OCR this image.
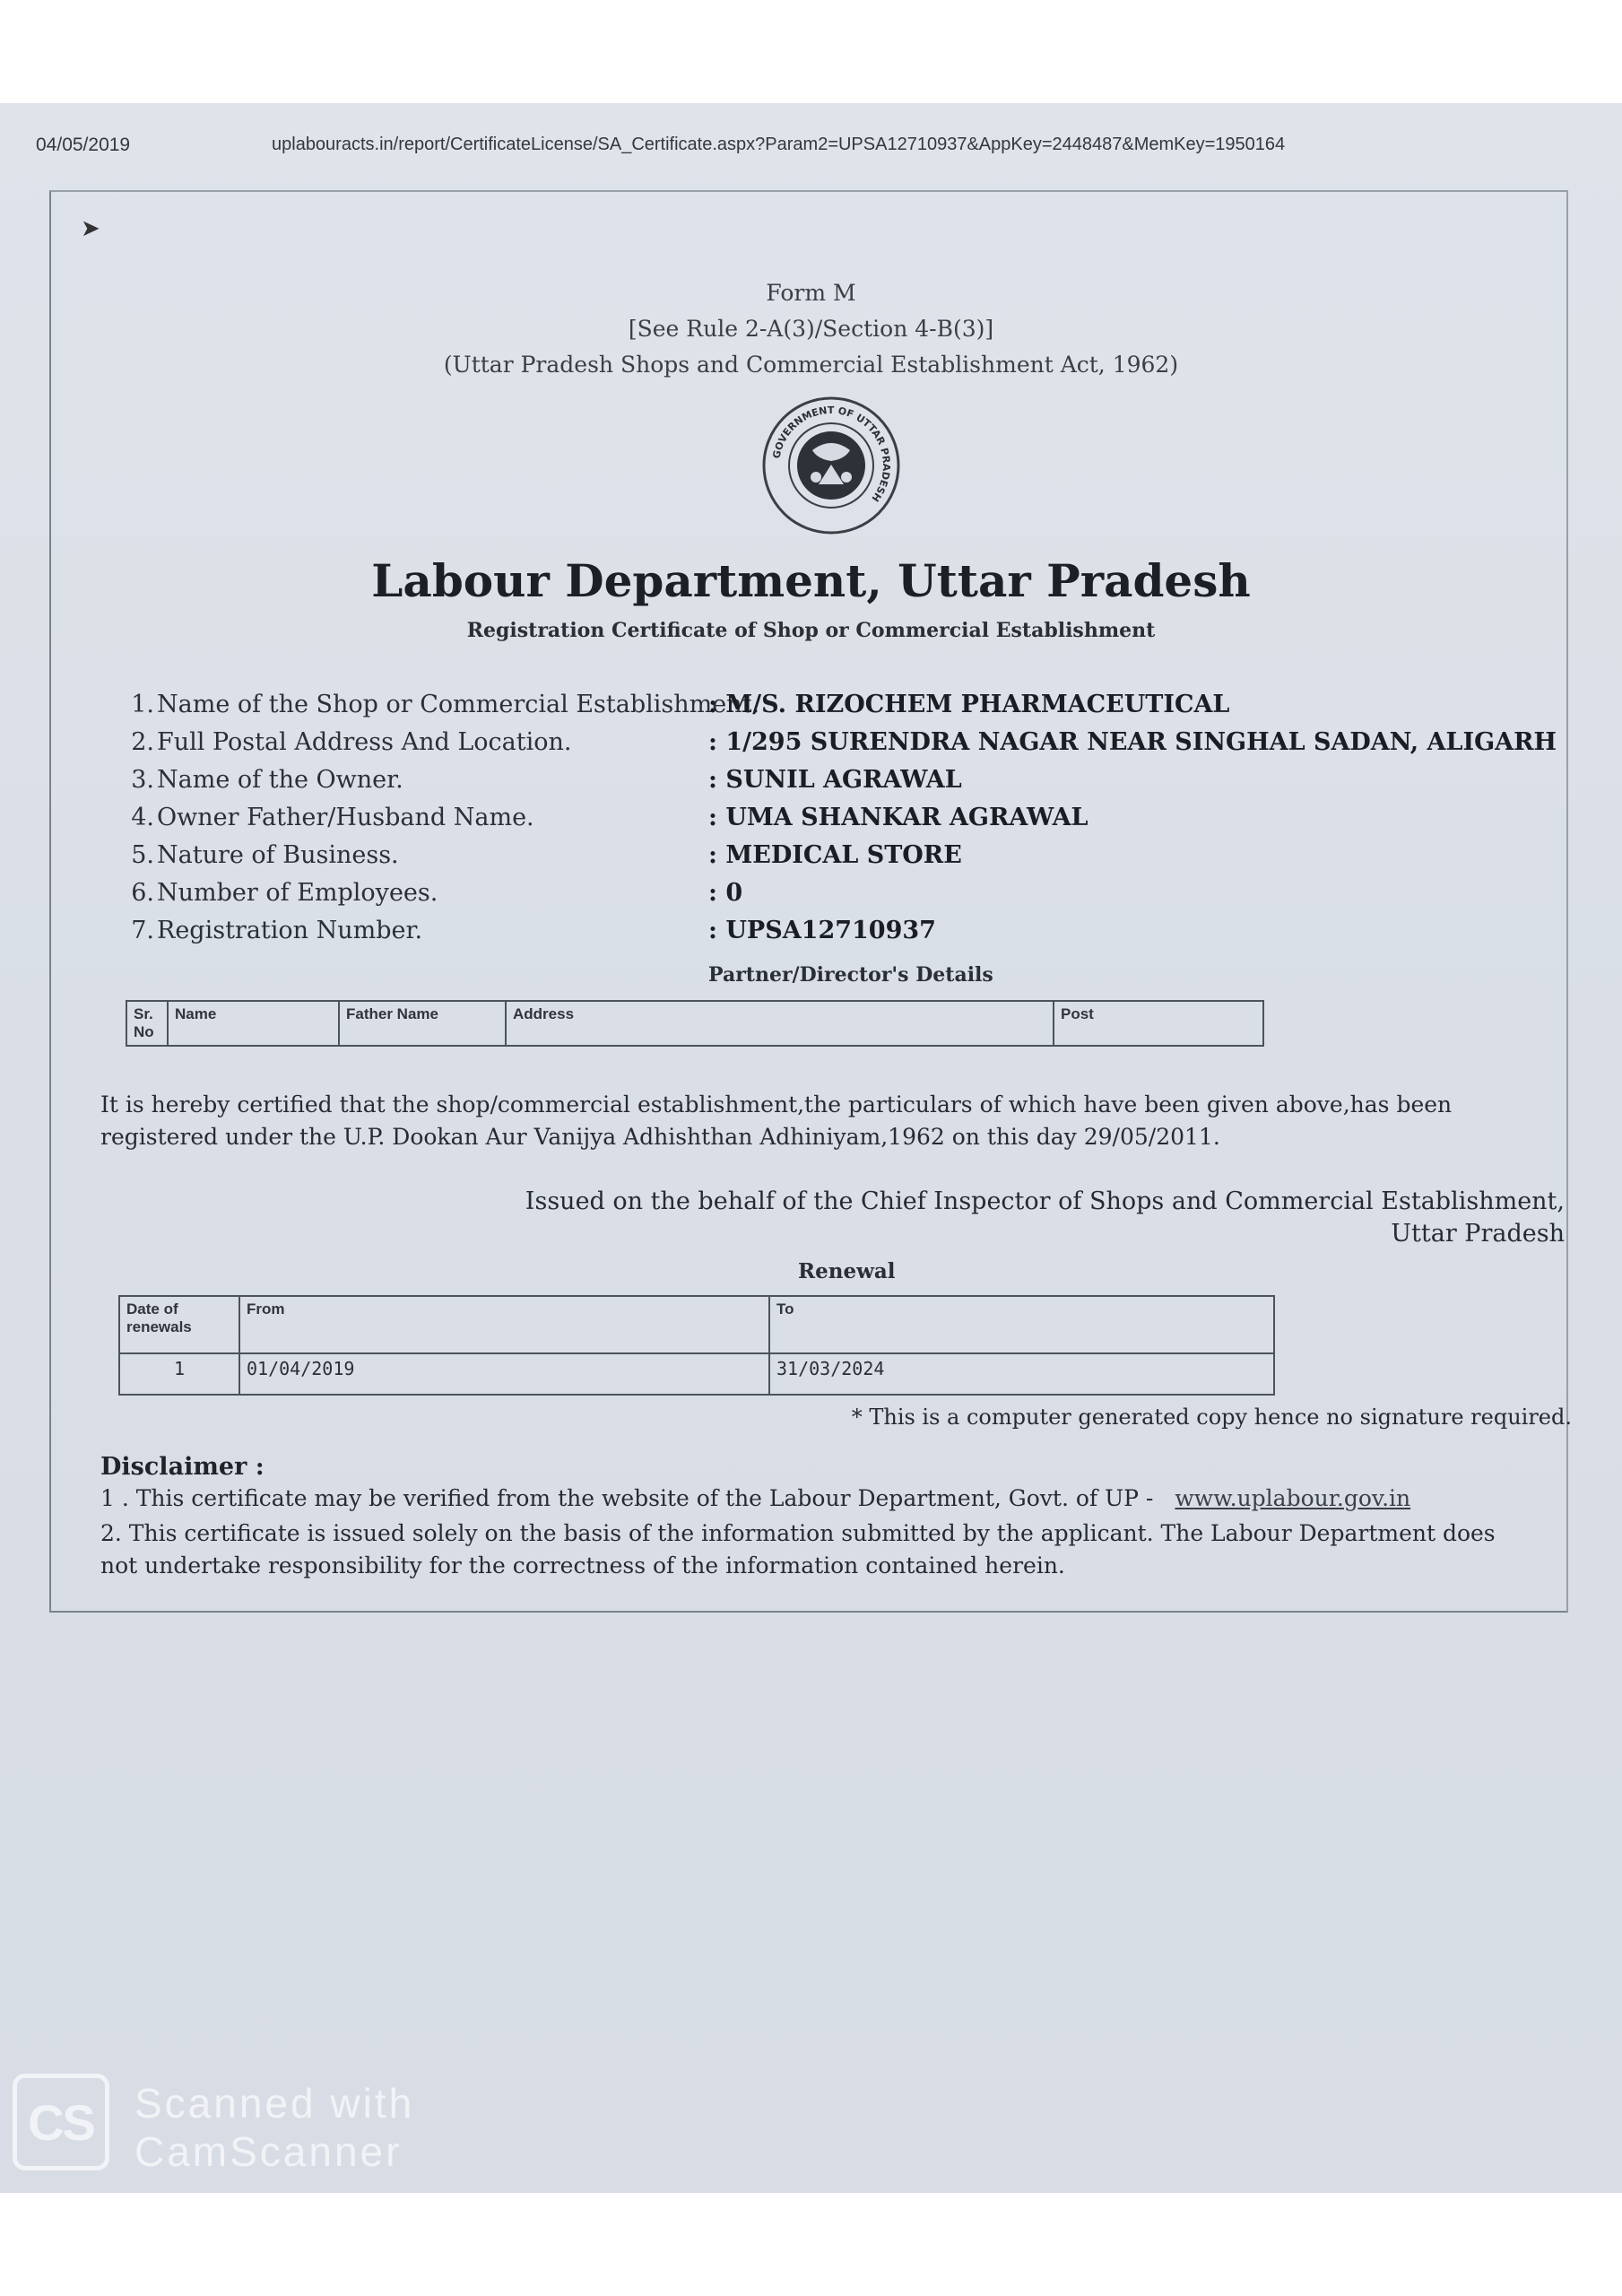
04/05/2019	uplabouracts.in/report/CertificateLicense/SA_Certificate.aspx?Param2=UPSA12710937&AppKey=2448487&MemKey=1950164
➤
Form M
[See Rule 2-A(3)/Section 4-B(3)]
(Uttar Pradesh Shops and Commercial Establishment Act, 1962)
GOVERNMENT OF UTTAR PRADESH
Labour Department, Uttar Pradesh
Registration Certificate of Shop or Commercial Establishment
1. Name of the Shop or Commercial Establishment.
: M/S. RIZOCHEM PHARMACEUTICAL
2. Full Postal Address And Location.	: 1/295 SURENDRA NAGAR NEAR SINGHAL SADAN, ALIGARH
3. Name of the Owner.	: SUNIL AGRAWAL
4. Owner Father/Husband Name.	: UMA SHANKAR AGRAWAL
5. Nature of Business.	: MEDICAL STORE
6. Number of Employees.	: 0
7. Registration Number.	: UPSA12710937
Partner/Director's Details
Sr. No	Name	Father Name	Address	Post
It is hereby certified that the shop/commercial establishment,the particulars of which have been given above,has been registered under the U.P. Dookan Aur Vanijya Adhishthan Adhiniyam,1962 on this day 29/05/2011.
Issued on the behalf of the Chief Inspector of Shops and Commercial Establishment,
Uttar Pradesh
Renewal
Date of renewals	From	To
1	01/04/2019	31/03/2024
* This is a computer generated copy hence no signature required.
Disclaimer :
1 . This certificate may be verified from the website of the Labour Department, Govt. of UP - www.uplabour.gov.in
2. This certificate is issued solely on the basis of the information submitted by the applicant. The Labour Department does not undertake responsibility for the correctness of the information contained herein.
CS Scanned with
CamScanner
